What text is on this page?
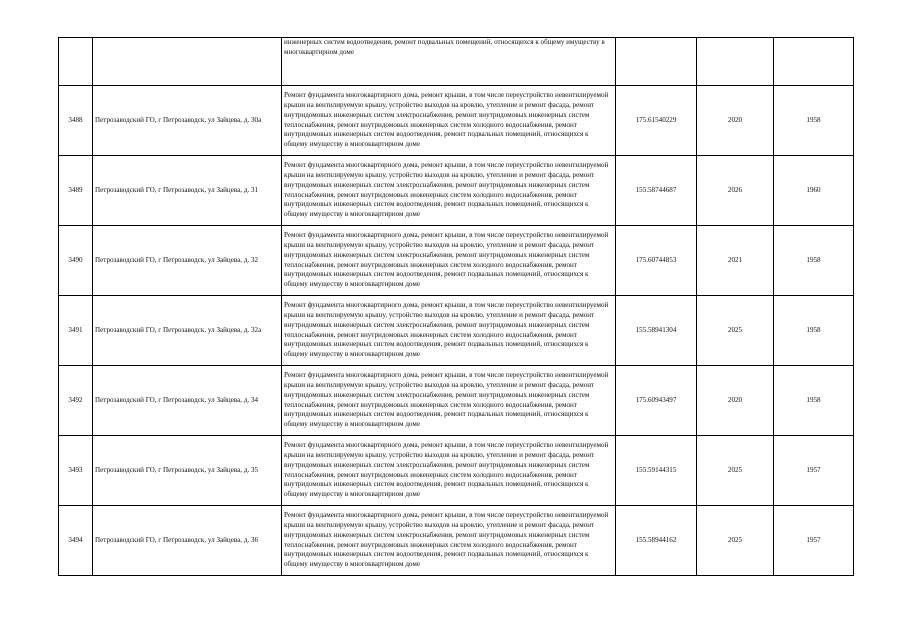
		инженерных систем водоотведения, ремонт подвальных помещений, относящихся к общему имуществу в многоквартирном доме			
3488	Петрозаводский ГО, г Петрозаводск, ул Зайцева, д. 30а	Ремонт фундамента многоквартирного дома, ремонт крыши, в том числе переустройство невентилируемой крыши на вентилируемую крышу, устройство выходов на кровлю, утепление и ремонт фасада, ремонт внутридомовых инженерных систем электроснабжения, ремонт внутридомовых инженерных систем теплоснабжения, ремонт внутридомовых инженерных систем холодного водоснабжения, ремонт внутридомовых инженерных систем водоотведения, ремонт подвальных помещений, относящихся к общему имуществу в многоквартирном доме	175.61540229	2020	1958
3489	Петрозаводский ГО, г Петрозаводск, ул Зайцева, д. 31	Ремонт фундамента многоквартирного дома, ремонт крыши, в том числе переустройство невентилируемой крыши на вентилируемую крышу, устройство выходов на кровлю, утепление и ремонт фасада, ремонт внутридомовых инженерных систем электроснабжения, ремонт внутридомовых инженерных систем теплоснабжения, ремонт внутридомовых инженерных систем холодного водоснабжения, ремонт внутридомовых инженерных систем водоотведения, ремонт подвальных помещений, относящихся к общему имуществу в многоквартирном доме	155.58744687	2026	1960
3490	Петрозаводский ГО, г Петрозаводск, ул Зайцева, д. 32	Ремонт фундамента многоквартирного дома, ремонт крыши, в том числе переустройство невентилируемой крыши на вентилируемую крышу, устройство выходов на кровлю, утепление и ремонт фасада, ремонт внутридомовых инженерных систем электроснабжения, ремонт внутридомовых инженерных систем теплоснабжения, ремонт внутридомовых инженерных систем холодного водоснабжения, ремонт внутридомовых инженерных систем водоотведения, ремонт подвальных помещений, относящихся к общему имуществу в многоквартирном доме	175.60744853	2021	1958
3491	Петрозаводский ГО, г Петрозаводск, ул Зайцева, д. 32а	Ремонт фундамента многоквартирного дома, ремонт крыши, в том числе переустройство невентилируемой крыши на вентилируемую крышу, устройство выходов на кровлю, утепление и ремонт фасада, ремонт внутридомовых инженерных систем электроснабжения, ремонт внутридомовых инженерных систем теплоснабжения, ремонт внутридомовых инженерных систем холодного водоснабжения, ремонт внутридомовых инженерных систем водоотведения, ремонт подвальных помещений, относящихся к общему имуществу в многоквартирном доме	155.58941304	2025	1958
3492	Петрозаводский ГО, г Петрозаводск, ул Зайцева, д. 34	Ремонт фундамента многоквартирного дома, ремонт крыши, в том числе переустройство невентилируемой крыши на вентилируемую крышу, устройство выходов на кровлю, утепление и ремонт фасада, ремонт внутридомовых инженерных систем электроснабжения, ремонт внутридомовых инженерных систем теплоснабжения, ремонт внутридомовых инженерных систем холодного водоснабжения, ремонт внутридомовых инженерных систем водоотведения, ремонт подвальных помещений, относящихся к общему имуществу в многоквартирном доме	175.60943497	2020	1958
3493	Петрозаводский ГО, г Петрозаводск, ул Зайцева, д. 35	Ремонт фундамента многоквартирного дома, ремонт крыши, в том числе переустройство невентилируемой крыши на вентилируемую крышу, устройство выходов на кровлю, утепление и ремонт фасада, ремонт внутридомовых инженерных систем электроснабжения, ремонт внутридомовых инженерных систем теплоснабжения, ремонт внутридомовых инженерных систем холодного водоснабжения, ремонт внутридомовых инженерных систем водоотведения, ремонт подвальных помещений, относящихся к общему имуществу в многоквартирном доме	155.59144315	2025	1957
3494	Петрозаводский ГО, г Петрозаводск, ул Зайцева, д. 36	Ремонт фундамента многоквартирного дома, ремонт крыши, в том числе переустройство невентилируемой крыши на вентилируемую крышу, устройство выходов на кровлю, утепление и ремонт фасада, ремонт внутридомовых инженерных систем электроснабжения, ремонт внутридомовых инженерных систем теплоснабжения, ремонт внутридомовых инженерных систем холодного водоснабжения, ремонт внутридомовых инженерных систем водоотведения, ремонт подвальных помещений, относящихся к общему имуществу в многоквартирном доме	155.58944162	2025	1957
